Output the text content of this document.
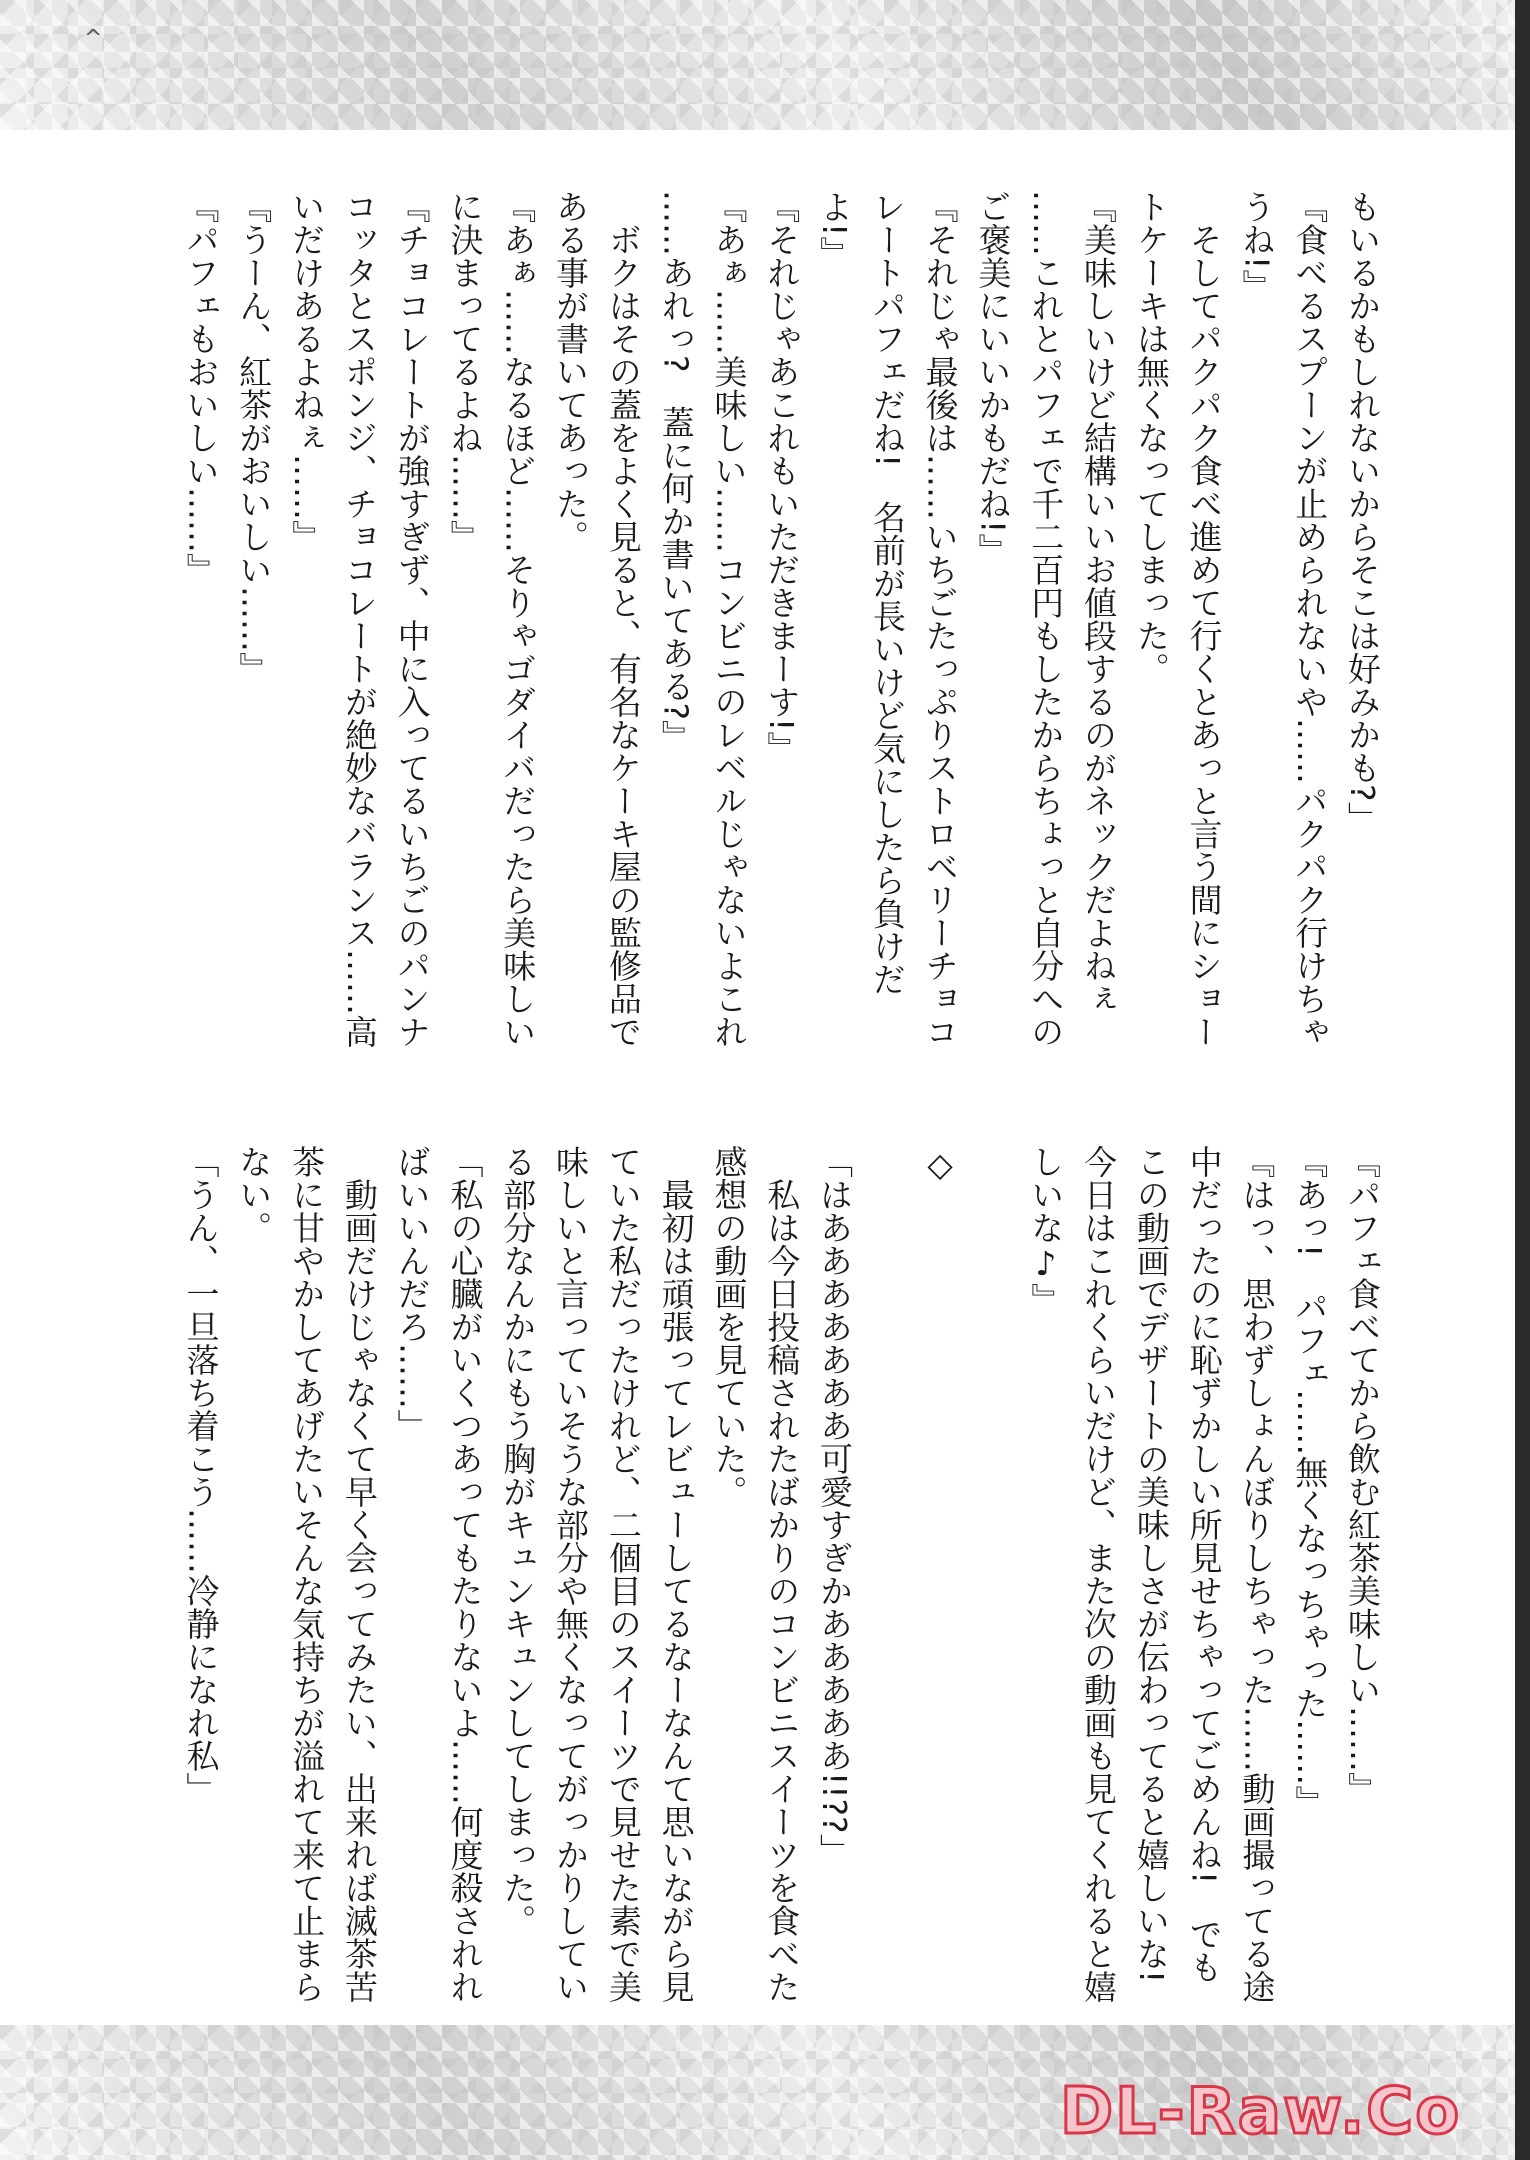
^
もいるかもしれないからそこは好みかも?」
『食べるスプーンが止められないや……パクパク行けちゃ
うね!』
　そしてパクパク食べ進めて行くとあっと言う間にショー
トケーキは無くなってしまった。
『美味しいけど結構いいお値段するのがネックだよねぇ
……これとパフェで千二百円もしたからちょっと自分への
ご褒美にいいかもだね!』
『それじゃ最後は……いちごたっぷりストロベリーチョコ
レートパフェだね!　名前が長いけど気にしたら負けだ
よ!』
『それじゃあこれもいただきまーす!』
『あぁ……美味しい……コンビニのレベルじゃないよこれ
……あれっ?　蓋に何か書いてある?』
　ボクはその蓋をよく見ると、有名なケーキ屋の監修品で
ある事が書いてあった。
『あぁ……なるほど……そりゃゴダイバだったら美味しい
に決まってるよね……』
『チョコレートが強すぎず、中に入ってるいちごのパンナ
コッタとスポンジ、チョコレートが絶妙なバランス……高
いだけあるよねぇ……』
『うーん、紅茶がおいしい……』
『パフェもおいしい……』
『パフェ食べてから飲む紅茶美味しい……』
『あっ!　パフェ……無くなっちゃった……』
『はっ、思わずしょんぼりしちゃった……動画撮ってる途
中だったのに恥ずかしい所見せちゃってごめんね!　でも
この動画でデザートの美味しさが伝わってると嬉しいな!
今日はこれくらいだけど、また次の動画も見てくれると嬉
しいな♪』
◇
「はあああああああ可愛すぎかあああああ!!??」
　私は今日投稿されたばかりのコンビニスイーツを食べた
感想の動画を見ていた。
　最初は頑張ってレビューしてるなーなんて思いながら見
ていた私だったけれど、二個目のスイーツで見せた素で美
味しいと言っていそうな部分や無くなってがっかりしてい
る部分なんかにもう胸がキュンキュンしてしまった。
「私の心臓がいくつあってもたりないよ……何度殺されれ
ばいいんだろ……」
　動画だけじゃなくて早く会ってみたい、出来れば滅茶苦
茶に甘やかしてあげたいそんな気持ちが溢れて来て止まら
ない。
「うん、一旦落ち着こう……冷静になれ私」
DL-Raw.Co
